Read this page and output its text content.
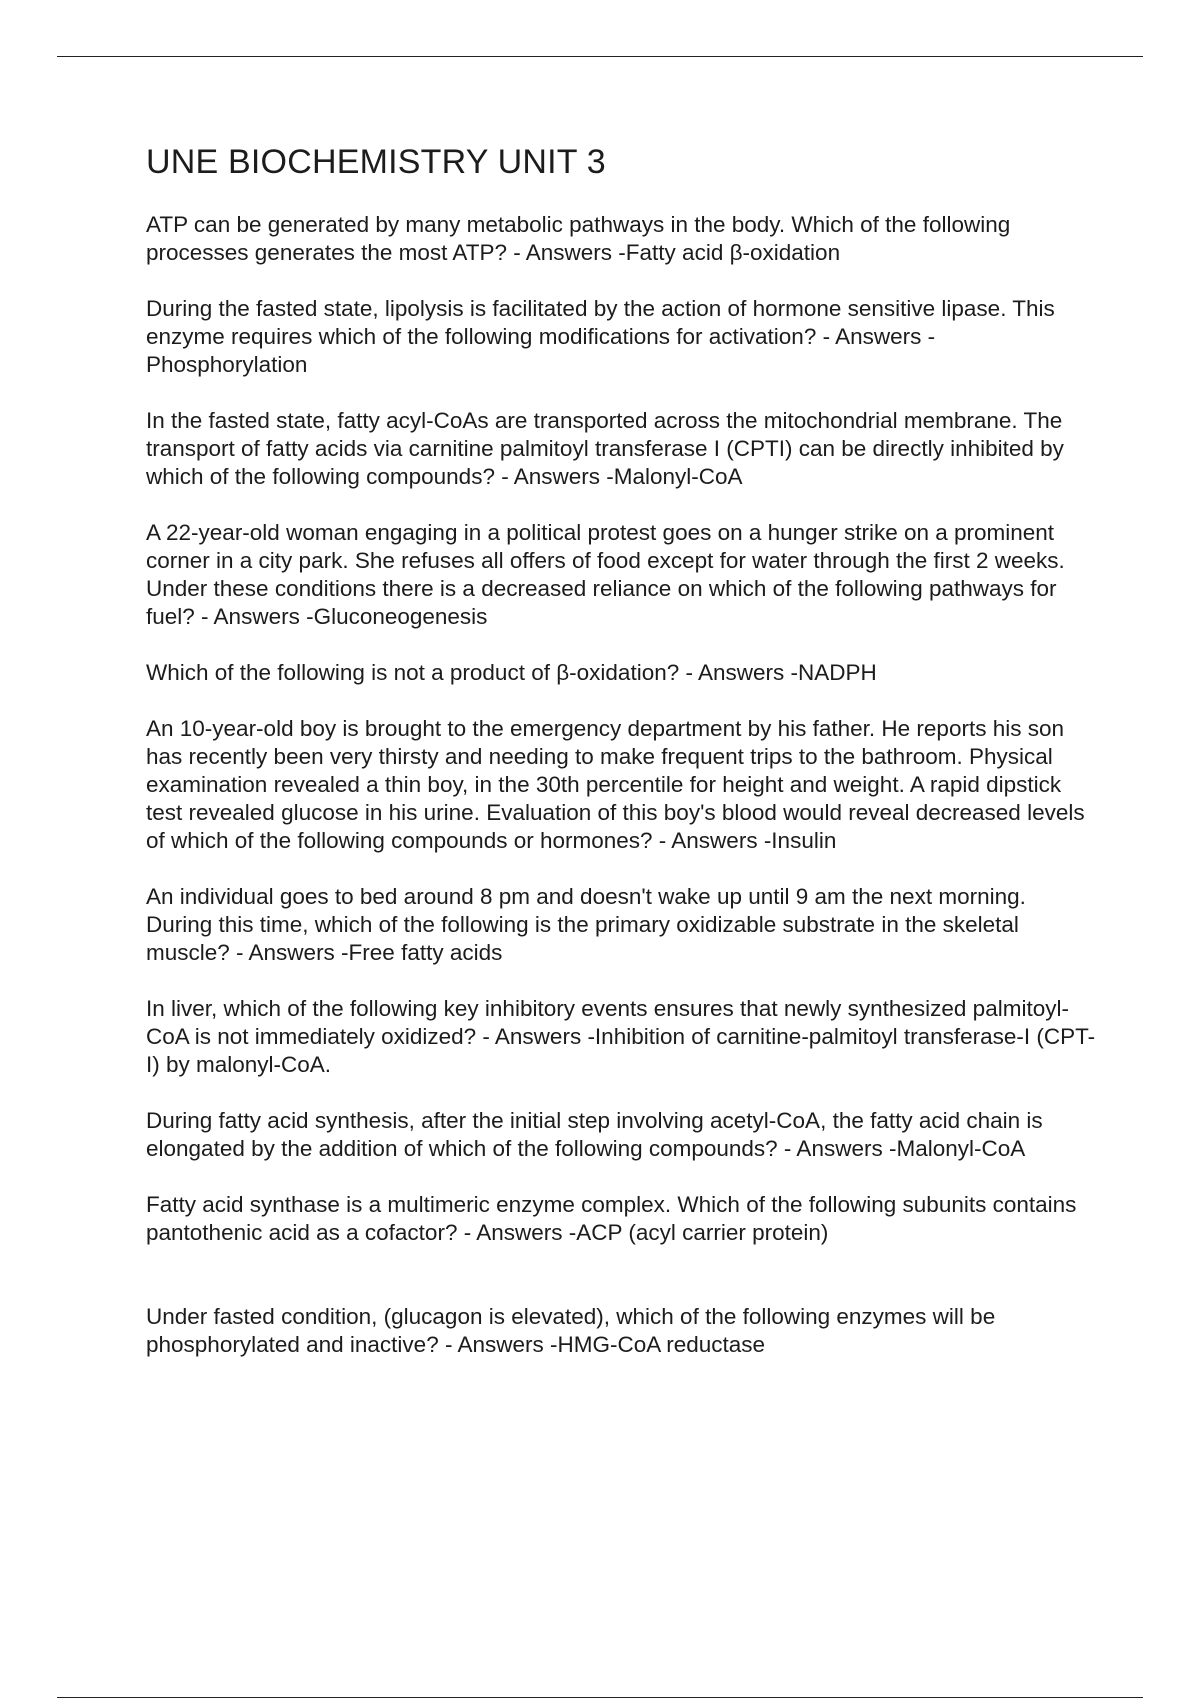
UNE BIOCHEMISTRY UNIT 3

ATP can be generated by many metabolic pathways in the body. Which of the following processes generates the most ATP? - Answers -Fatty acid β-oxidation

During the fasted state, lipolysis is facilitated by the action of hormone sensitive lipase. This enzyme requires which of the following modifications for activation? - Answers -Phosphorylation

In the fasted state, fatty acyl-CoAs are transported across the mitochondrial membrane. The transport of fatty acids via carnitine palmitoyl transferase I (CPTI) can be directly inhibited by which of the following compounds? - Answers -Malonyl-CoA

A 22-year-old woman engaging in a political protest goes on a hunger strike on a prominent corner in a city park. She refuses all offers of food except for water through the first 2 weeks. Under these conditions there is a decreased reliance on which of the following pathways for fuel? - Answers -Gluconeogenesis

Which of the following is not a product of β-oxidation? - Answers -NADPH

An 10-year-old boy is brought to the emergency department by his father. He reports his son has recently been very thirsty and needing to make frequent trips to the bathroom. Physical examination revealed a thin boy, in the 30th percentile for height and weight. A rapid dipstick test revealed glucose in his urine. Evaluation of this boy's blood would reveal decreased levels of which of the following compounds or hormones? - Answers -Insulin

An individual goes to bed around 8 pm and doesn't wake up until 9 am the next morning. During this time, which of the following is the primary oxidizable substrate in the skeletal muscle? - Answers -Free fatty acids

In liver, which of the following key inhibitory events ensures that newly synthesized palmitoyl-CoA is not immediately oxidized? - Answers -Inhibition of carnitine-palmitoyl transferase-I (CPT-I) by malonyl-CoA.

During fatty acid synthesis, after the initial step involving acetyl-CoA, the fatty acid chain is elongated by the addition of which of the following compounds? - Answers -Malonyl-CoA

Fatty acid synthase is a multimeric enzyme complex. Which of the following subunits contains pantothenic acid as a cofactor? - Answers -ACP (acyl carrier protein)

Under fasted condition, (glucagon is elevated), which of the following enzymes will be phosphorylated and inactive? - Answers -HMG-CoA reductase
